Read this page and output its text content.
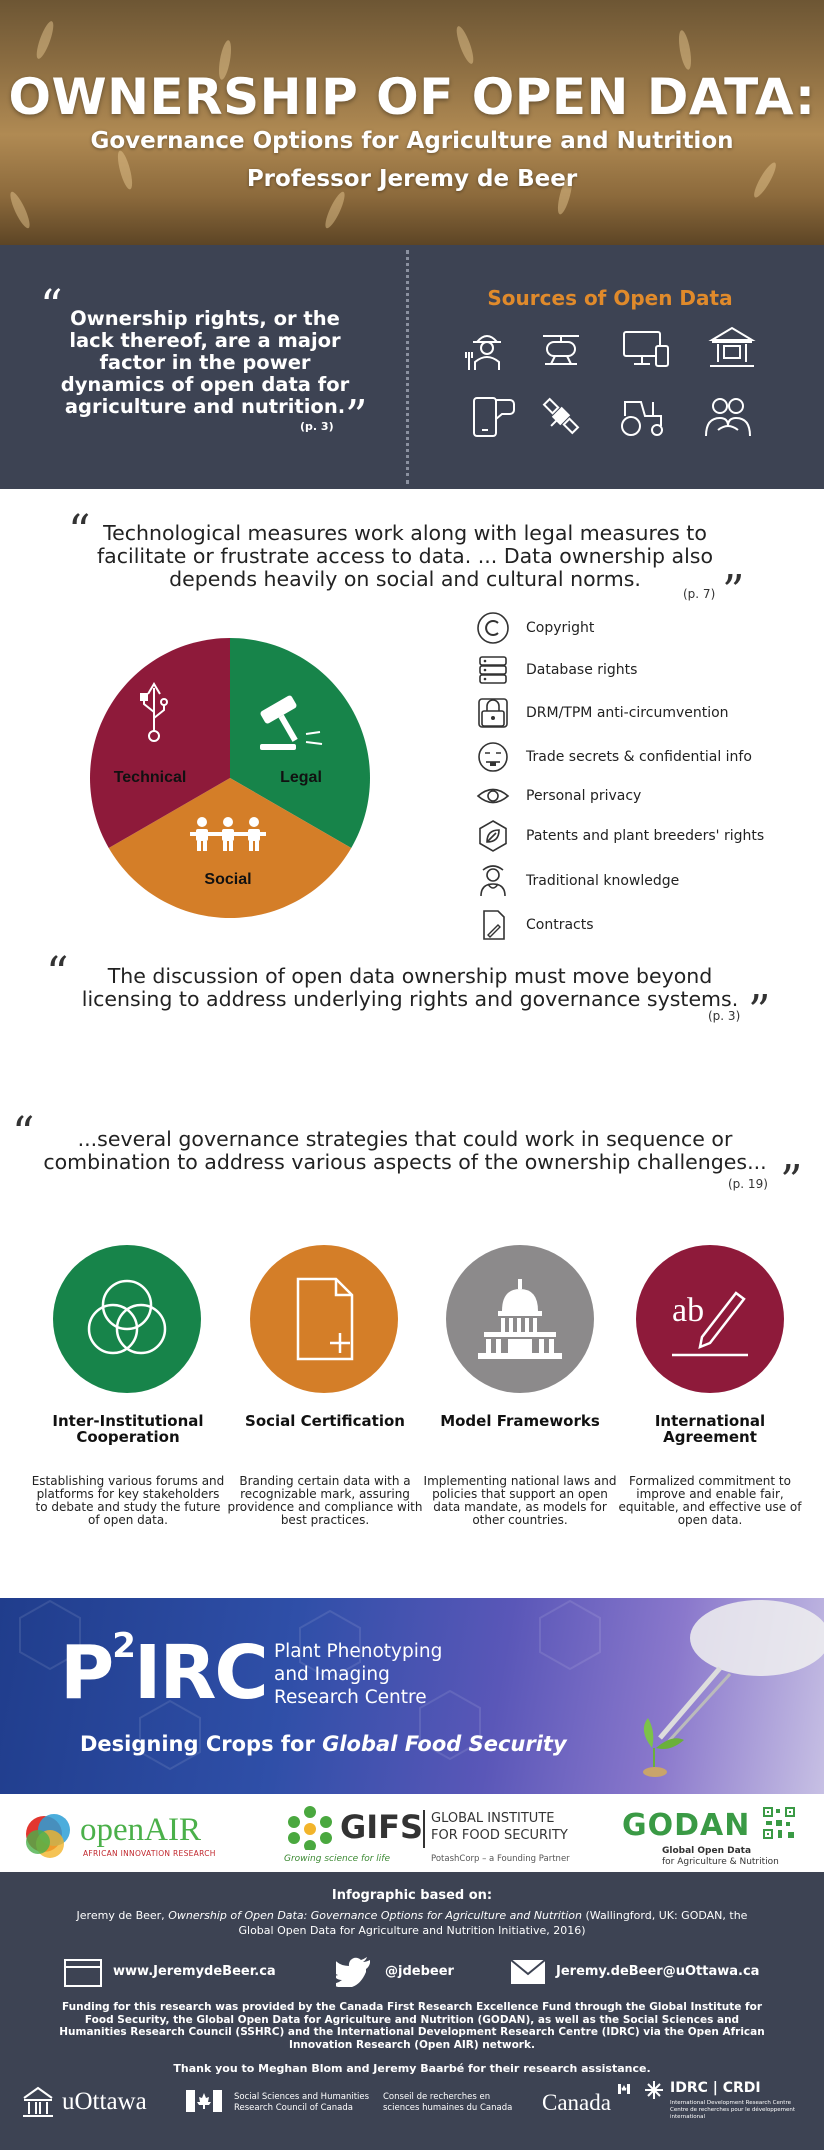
OWNERSHIP OF OPEN DATA:
Governance Options for Agriculture and Nutrition
Professor Jeremy de Beer
“ Ownership rights, or the lack thereof, are a major factor in the power dynamics of open data for agriculture and nutrition.
(p. 3) ”
Sources of Open Data
“ Technological measures work along with legal measures to facilitate or frustrate access to data. ... Data ownership also depends heavily on social and cultural norms.
(p. 7) ”
Technical	Legal
Social
Copyright
Database rights
DRM/TPM anti-circumvention
Trade secrets & confidential info
Personal privacy
Patents and plant breeders' rights
Traditional knowledge
Contracts
“	The discussion of open data ownership must move beyond licensing to address underlying rights and governance systems.
(p. 3) ”
“	...several governance strategies that could work in sequence or combination to address various aspects of the ownership challenges...
(p. 19) ”
Inter-Institutional Cooperation
Establishing various forums and platforms for key stakeholders to debate and study the future of open data.
Social Certification
Branding certain data with a recognizable mark, assuring providence and compliance with best practices.
Model Frameworks
Implementing national laws and policies that support an open data mandate, as models for other countries.
ab
International Agreement
Formalized commitment to improve and enable fair, equitable, and effective use of open data.
$P^2IRC$ Plant Phenotyping
and Imaging
Research Centre
Designing Crops for Global Food Security
openAIR
AFRICAN INNOVATION RESEARCH
GIFS GLOBAL INSTITUTE
FOR FOOD SECURITY
Growing science for life	PotashCorp – a Founding Partner
GODAN
Global Open Data
for Agriculture & Nutrition
Infographic based on:
Jeremy de Beer, Ownership of Open Data: Governance Options for Agriculture and Nutrition (Wallingford, UK: GODAN, the Global Open Data for Agriculture and Nutrition Initiative, 2016)
www.JeremydeBeer.ca	@jdebeer	Jeremy.deBeer@uOttawa.ca
Funding for this research was provided by the Canada First Research Excellence Fund through the Global Institute for Food Security, the Global Open Data for Agriculture and Nutrition (GODAN), as well as the Social Sciences and Humanities Research Council (SSHRC) and the International Development Research Centre (IDRC) via the Open African Innovation Research (Open AIR) network.
Thank you to Meghan Blom and Jeremy Baarbé for their research assistance.
uOttawa	Social Sciences and Humanities Research Council of Canada
Conseil de recherches en sciences humaines du Canada	Canada
IDRC | CRDI
International Development Research Centre
Centre de recherches pour le développement international
